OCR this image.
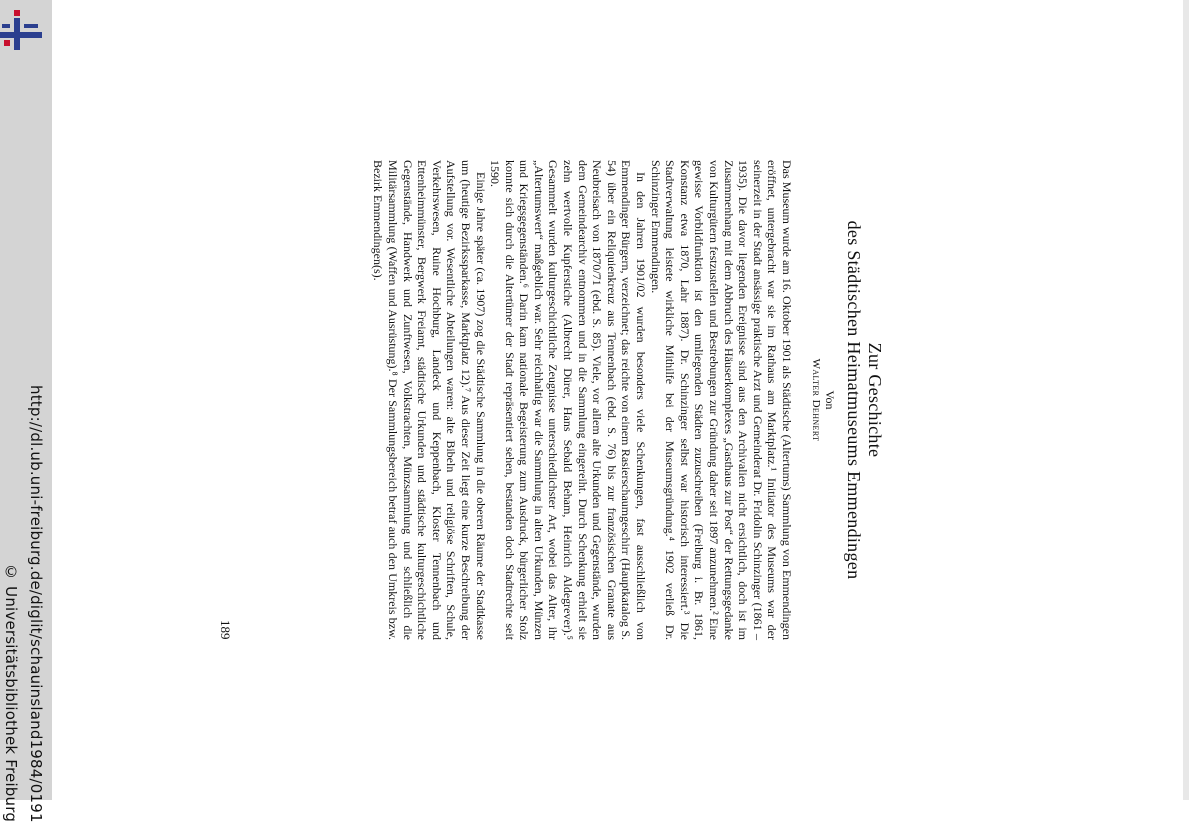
http://dl.ub.uni-freiburg.de/diglit/schauinsland1984/0191
© Universitätsbibliothek Freiburg
Zur Geschichte
des Städtischen Heimatmuseums Emmendingen
Von
Walter Dehnert

Das Museum wurde am 16. Oktober 1901 als Städtische (Altertums) Sammlung von Emmendingen eröffnet, untergebracht war sie im Rathaus am Marktplatz.¹ Initiator des Museums war der seinerzeit in der Stadt ansässige praktische Arzt und Gemeinderat Dr. Fridolin Schinzinger (1861 – 1935). Die davor liegenden Ereignisse sind aus den Archivalien nicht ersichtlich, doch ist im Zusammenhang mit dem Abbruch des Häuserkomplexes „Gasthaus zur Post“ der Rettungsgedanke von Kulturgütern festzustellen und Bestrebungen zur Gründung daher seit 1897 anzunehmen.² Eine gewisse Vorbildfunktion ist den umliegenden Städten zuzuschreiben (Freiburg i. Br. 1861, Konstanz etwa 1870, Lahr 1887). Dr. Schinzinger selbst war historisch interessiert.³ Die Stadtverwaltung leistete wirkliche Mithilfe bei der Museumsgründung.⁴ 1902 verließ Dr. Schinzinger Emmendingen.

In den Jahren 1901/02 wurden besonders viele Schenkungen, fast ausschließlich von Emmendinger Bürgern, verzeichnet; das reichte von einem Rasierschaumgeschirr (Hauptkatalog S. 54) über ein Reliquienkreuz aus Tennenbach (ebd. S. 76) bis zur französischen Granate aus Neubreisach von 1870/71 (ebd. S. 85). Viele, vor allem alte Urkunden und Gegenstände, wurden dem Gemeindearchiv entnommen und in die Sammlung eingereiht. Durch Schenkung erhielt sie zehn wertvolle Kupferstiche (Albrecht Dürer, Hans Sebald Beham, Heinrich Aldegrever).⁵ Gesammelt wurden kulturgeschichtliche Zeugnisse unterschiedlichster Art, wobei das Alter, ihr „Altertumswert“ maßgeblich war. Sehr reichhaltig war die Sammlung in alten Urkunden, Münzen und Kriegsgegenständen.⁶ Darin kam nationale Begeisterung zum Ausdruck, bürgerlicher Stolz konnte sich durch die Altertümer der Stadt repräsentiert sehen, bestanden doch Stadtrechte seit 1590.

Einige Jahre später (ca. 1907) zog die Städtische Sammlung in die oberen Räume der Stadtkasse um (heutige Bezirkssparkasse, Marktplatz 12).⁷ Aus dieser Zeit liegt eine kurze Beschreibung der Aufstellung vor. Wesentliche Abteilungen waren: alte Bibeln und religiöse Schriften, Schule, Verkehrswesen, Ruine Hochburg, Landeck und Keppenbach, Kloster Tennenbach und Ettenheimmünster, Bergwerk Freiamt, städtische Urkunden und städtische kulturgeschichtliche Gegenstände, Handwerk und Zunftwesen, Volkstrachten, Münzsammlung und schließlich die Militärsammlung (Waffen und Ausrüstung).⁸ Der Sammlungsbereich betraf auch den Umkreis bzw. Bezirk Emmendingen(s).

189
